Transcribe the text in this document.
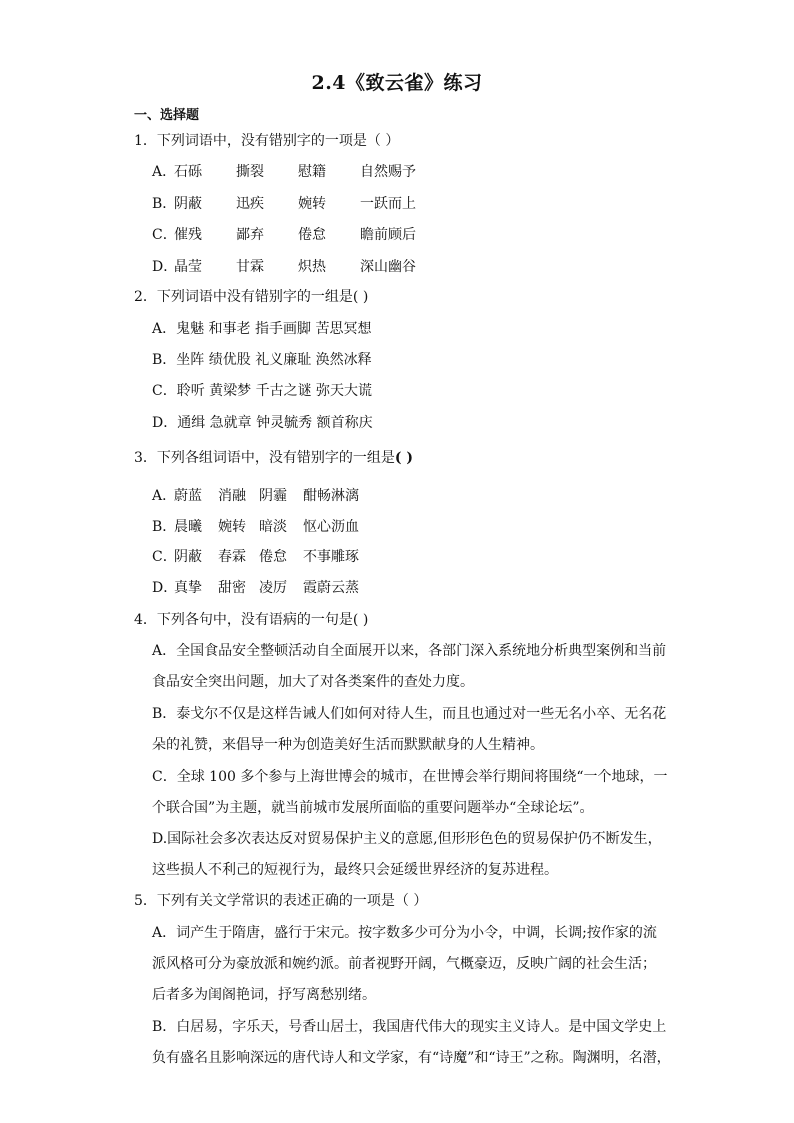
2.4《致云雀》练习
一、选择题
1．下列词语中，没有错别字的一项是（ ）
A．石砾 撕裂 慰籍 自然赐予
B．阴蔽 迅疾 婉转 一跃而上
C．催残 鄙弃 倦怠 瞻前顾后
D．晶莹 甘霖 炽热 深山幽谷
2．下列词语中没有错别字的一组是( )
A．鬼魅 和事老 指手画脚 苦思冥想
B．坐阵 绩优股 礼义廉耻 涣然冰释
C．聆听 黄梁梦 千古之谜 弥天大谎
D．通缉 急就章 钟灵毓秀 额首称庆
3．下列各组词语中，没有错别字的一组是( )
A．蔚蓝 消融 阴霾 酣畅淋漓
B．晨曦 婉转 暗淡 怄心沥血
C．阴蔽 春霖 倦怠 不事雕琢
D．真挚 甜密 凌厉 霞蔚云蒸
4．下列各句中，没有语病的一句是( )
A．全国食品安全整顿活动自全面展开以来，各部门深入系统地分析典型案例和当前
食品安全突出问题，加大了对各类案件的查处力度。
B．泰戈尔不仅是这样告诫人们如何对待人生，而且也通过对一些无名小卒、无名花
朵的礼赞，来倡导一种为创造美好生活而默默献身的人生精神。
C．全球 100 多个参与上海世博会的城市，在世博会举行期间将围绕“一个地球，一
个联合国”为主题，就当前城市发展所面临的重要问题举办“全球论坛”。
D.国际社会多次表达反对贸易保护主义的意愿,但形形色色的贸易保护仍不断发生，
这些损人不利己的短视行为，最终只会延缓世界经济的复苏进程。
5．下列有关文学常识的表述正确的一项是（ ）
A．词产生于隋唐，盛行于宋元。按字数多少可分为小令，中调，长调;按作家的流
派风格可分为豪放派和婉约派。前者视野开阔，气概豪迈，反映广阔的社会生活；
后者多为闺阁艳词，抒写离愁别绪。
B．白居易，字乐天，号香山居士，我国唐代伟大的现实主义诗人。是中国文学史上
负有盛名且影响深远的唐代诗人和文学家，有“诗魔”和“诗王”之称。陶渊明，名潜，
